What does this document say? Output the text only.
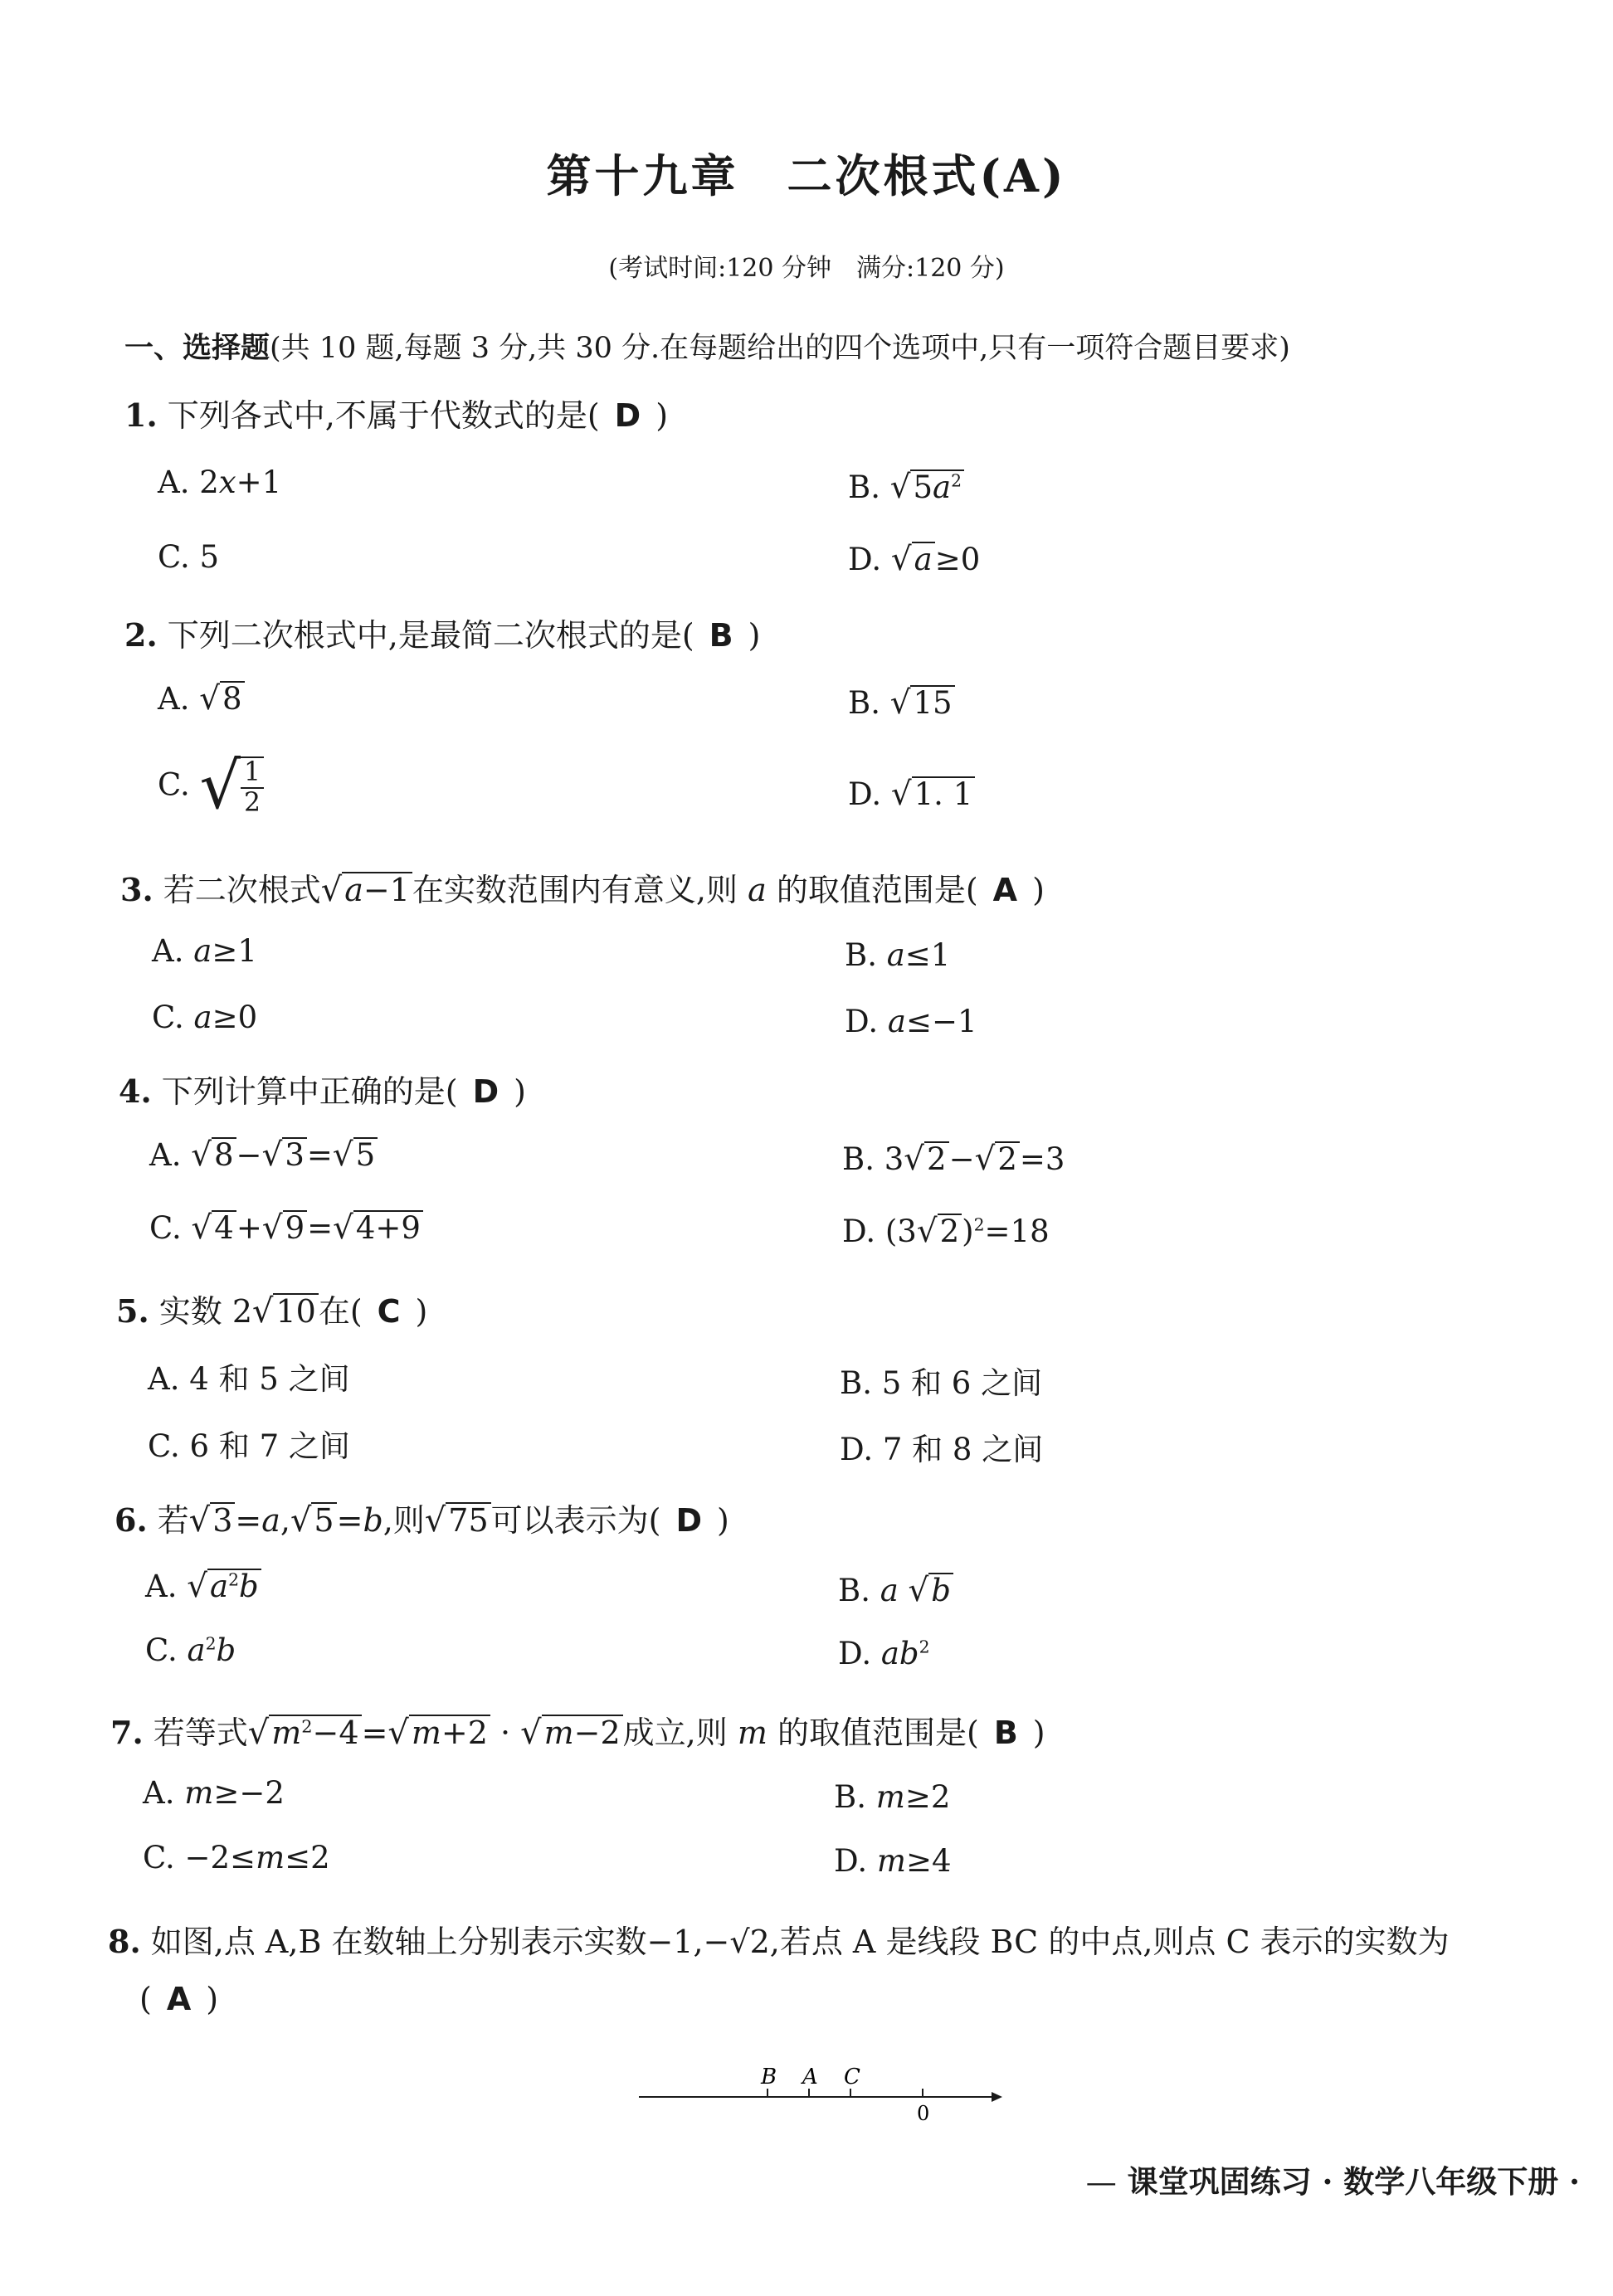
第十九章　二次根式(A)
(考试时间:120 分钟　满分:120 分)
一、选择题(共 10 题,每题 3 分,共 30 分.在每题给出的四个选项中,只有一项符合题目要求)
1. 下列各式中,不属于代数式的是( D )
A. 2x+1	B. $√5a^2$
C. 5	D. √a≥0
2. 下列二次根式中,是最简二次根式的是( B )
A. √8	B. √15
C. √ $\frac{1}{2}$	D. √1. 1
3. 若二次根式√a−1在实数范围内有意义,则 a 的取值范围是( A )
A. a≥1	B. a≤1
C. a≥0	D. a≤−1
4. 下列计算中正确的是( D )
A. √8−√3=√5	B. 3√2−√2=3
C. √4+√9=√4+9	D. $(3√2)^2=18$
5. 实数 2√10在( C )
A. 4 和 5 之间	B. 5 和 6 之间
C. 6 和 7 之间	D. 7 和 8 之间
6. 若√3=a,√5=b,则√75可以表示为( D )
A. $√a^2b$	B. a √b
C. $a^2b$	D. $ab^2$
7. 若等式$√m^2-4=√m+2 \cdot √m-2$成立,则 m 的取值范围是( B )
A. m≥−2	B. m≥2
C. −2≤m≤2	D. m≥4
8. 如图,点 A,B 在数轴上分别表示实数−1,−√2,若点 A 是线段 BC 的中点,则点 C 表示的实数为
( A )
B A C
0
— 课堂巩固练习 · 数学八年级下册 ·
